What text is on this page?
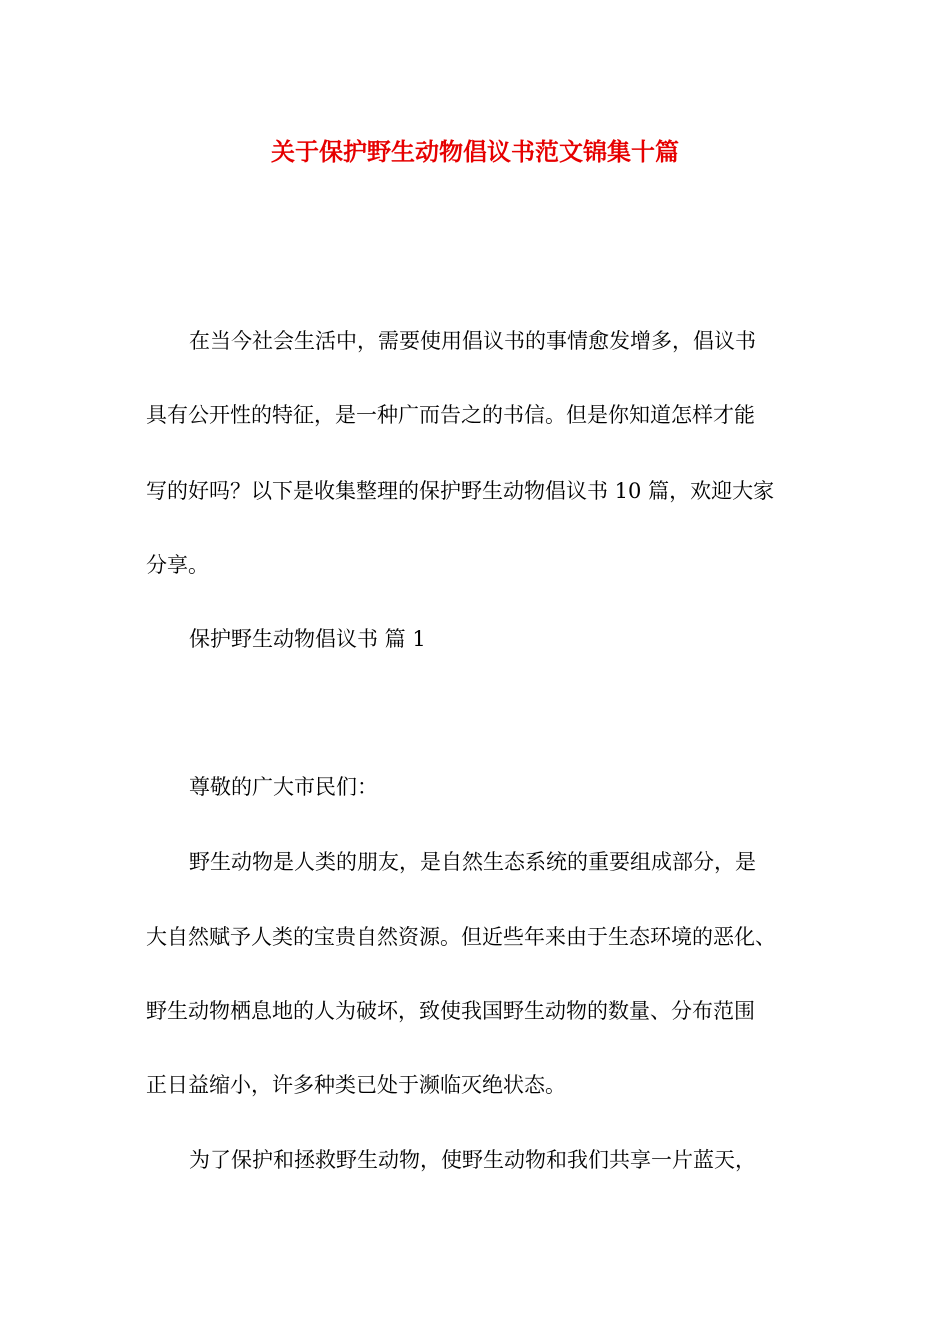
关于保护野生动物倡议书范文锦集十篇
在当今社会生活中，需要使用倡议书的事情愈发增多，倡议书
具有公开性的特征，是一种广而告之的书信。但是你知道怎样才能
写的好吗？以下是收集整理的保护野生动物倡议书 10 篇，欢迎大家
分享。
保护野生动物倡议书 篇 1
尊敬的广大市民们：
野生动物是人类的朋友，是自然生态系统的重要组成部分，是
大自然赋予人类的宝贵自然资源。但近些年来由于生态环境的恶化、
野生动物栖息地的人为破坏，致使我国野生动物的数量、分布范围
正日益缩小，许多种类已处于濒临灭绝状态。
为了保护和拯救野生动物，使野生动物和我们共享一片蓝天，
